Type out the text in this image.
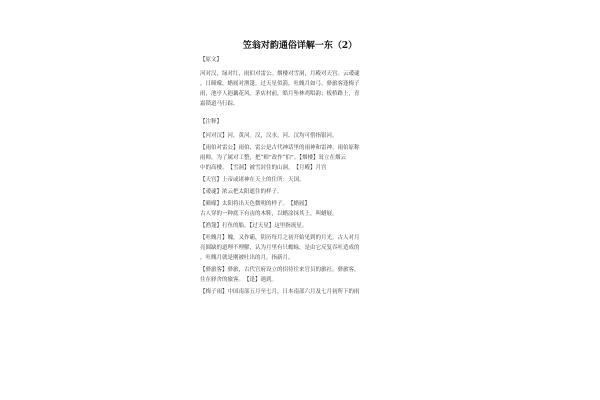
笠翁对韵通俗详解一东（2）
【原文】
河对汉，绿对红，雨伯对雷公。烟楼对雪洞，月殿对天宫。云叆叇
，日曈曚，蜡屐对渔篷。过天星似箭，吐魄月如弓。驿旅客逢梅子
雨，池亭人挹藕花风。茅店村前，皓月坠林鸡唱韵；板桥路上，青
霜锁道马行踪。
【注释】
【河对汉】河，黄河。汉，汉水。河、汉均可借指银河。
【雨伯对雷公】雨伯、雷公是古代神话里的雨神和雷神。雨伯原称
雨师，为了属对工整，把“师”改作“伯”。【烟楼】耸立在烟云
中的高楼。　【雪洞】被雪封住的山洞。　【月殿】月宫
【天宫】上帝或诸神在天上的住所：天国。
【叆叇】浓云把太阳遮住的样子。
【曈曚】太阳将出天色微明的样子。　【蜡屐】
古人穿的一种底下有齿的木鞋，以蜡涂抹其上，叫蜡屐。
【渔篷】打鱼的船。【过天星】这里指流星。
【吐魄月】魄，又作霸，阴历每月之初开始见到的月光。古人对月
亮圆缺的道理不理解，认为月里有只蟾蜍，是由它反复吞吐造成的
，吐魄月就是刚被吐出的月，指新月。
【驿旅客】驿旅，古代官府设立的招待往来官员的旅社。驿旅客，
住在驿舍的旅客。　【逢】遇到。
【梅子雨】中国南部五月至七月，日本南部六月及七月初所下的雨
